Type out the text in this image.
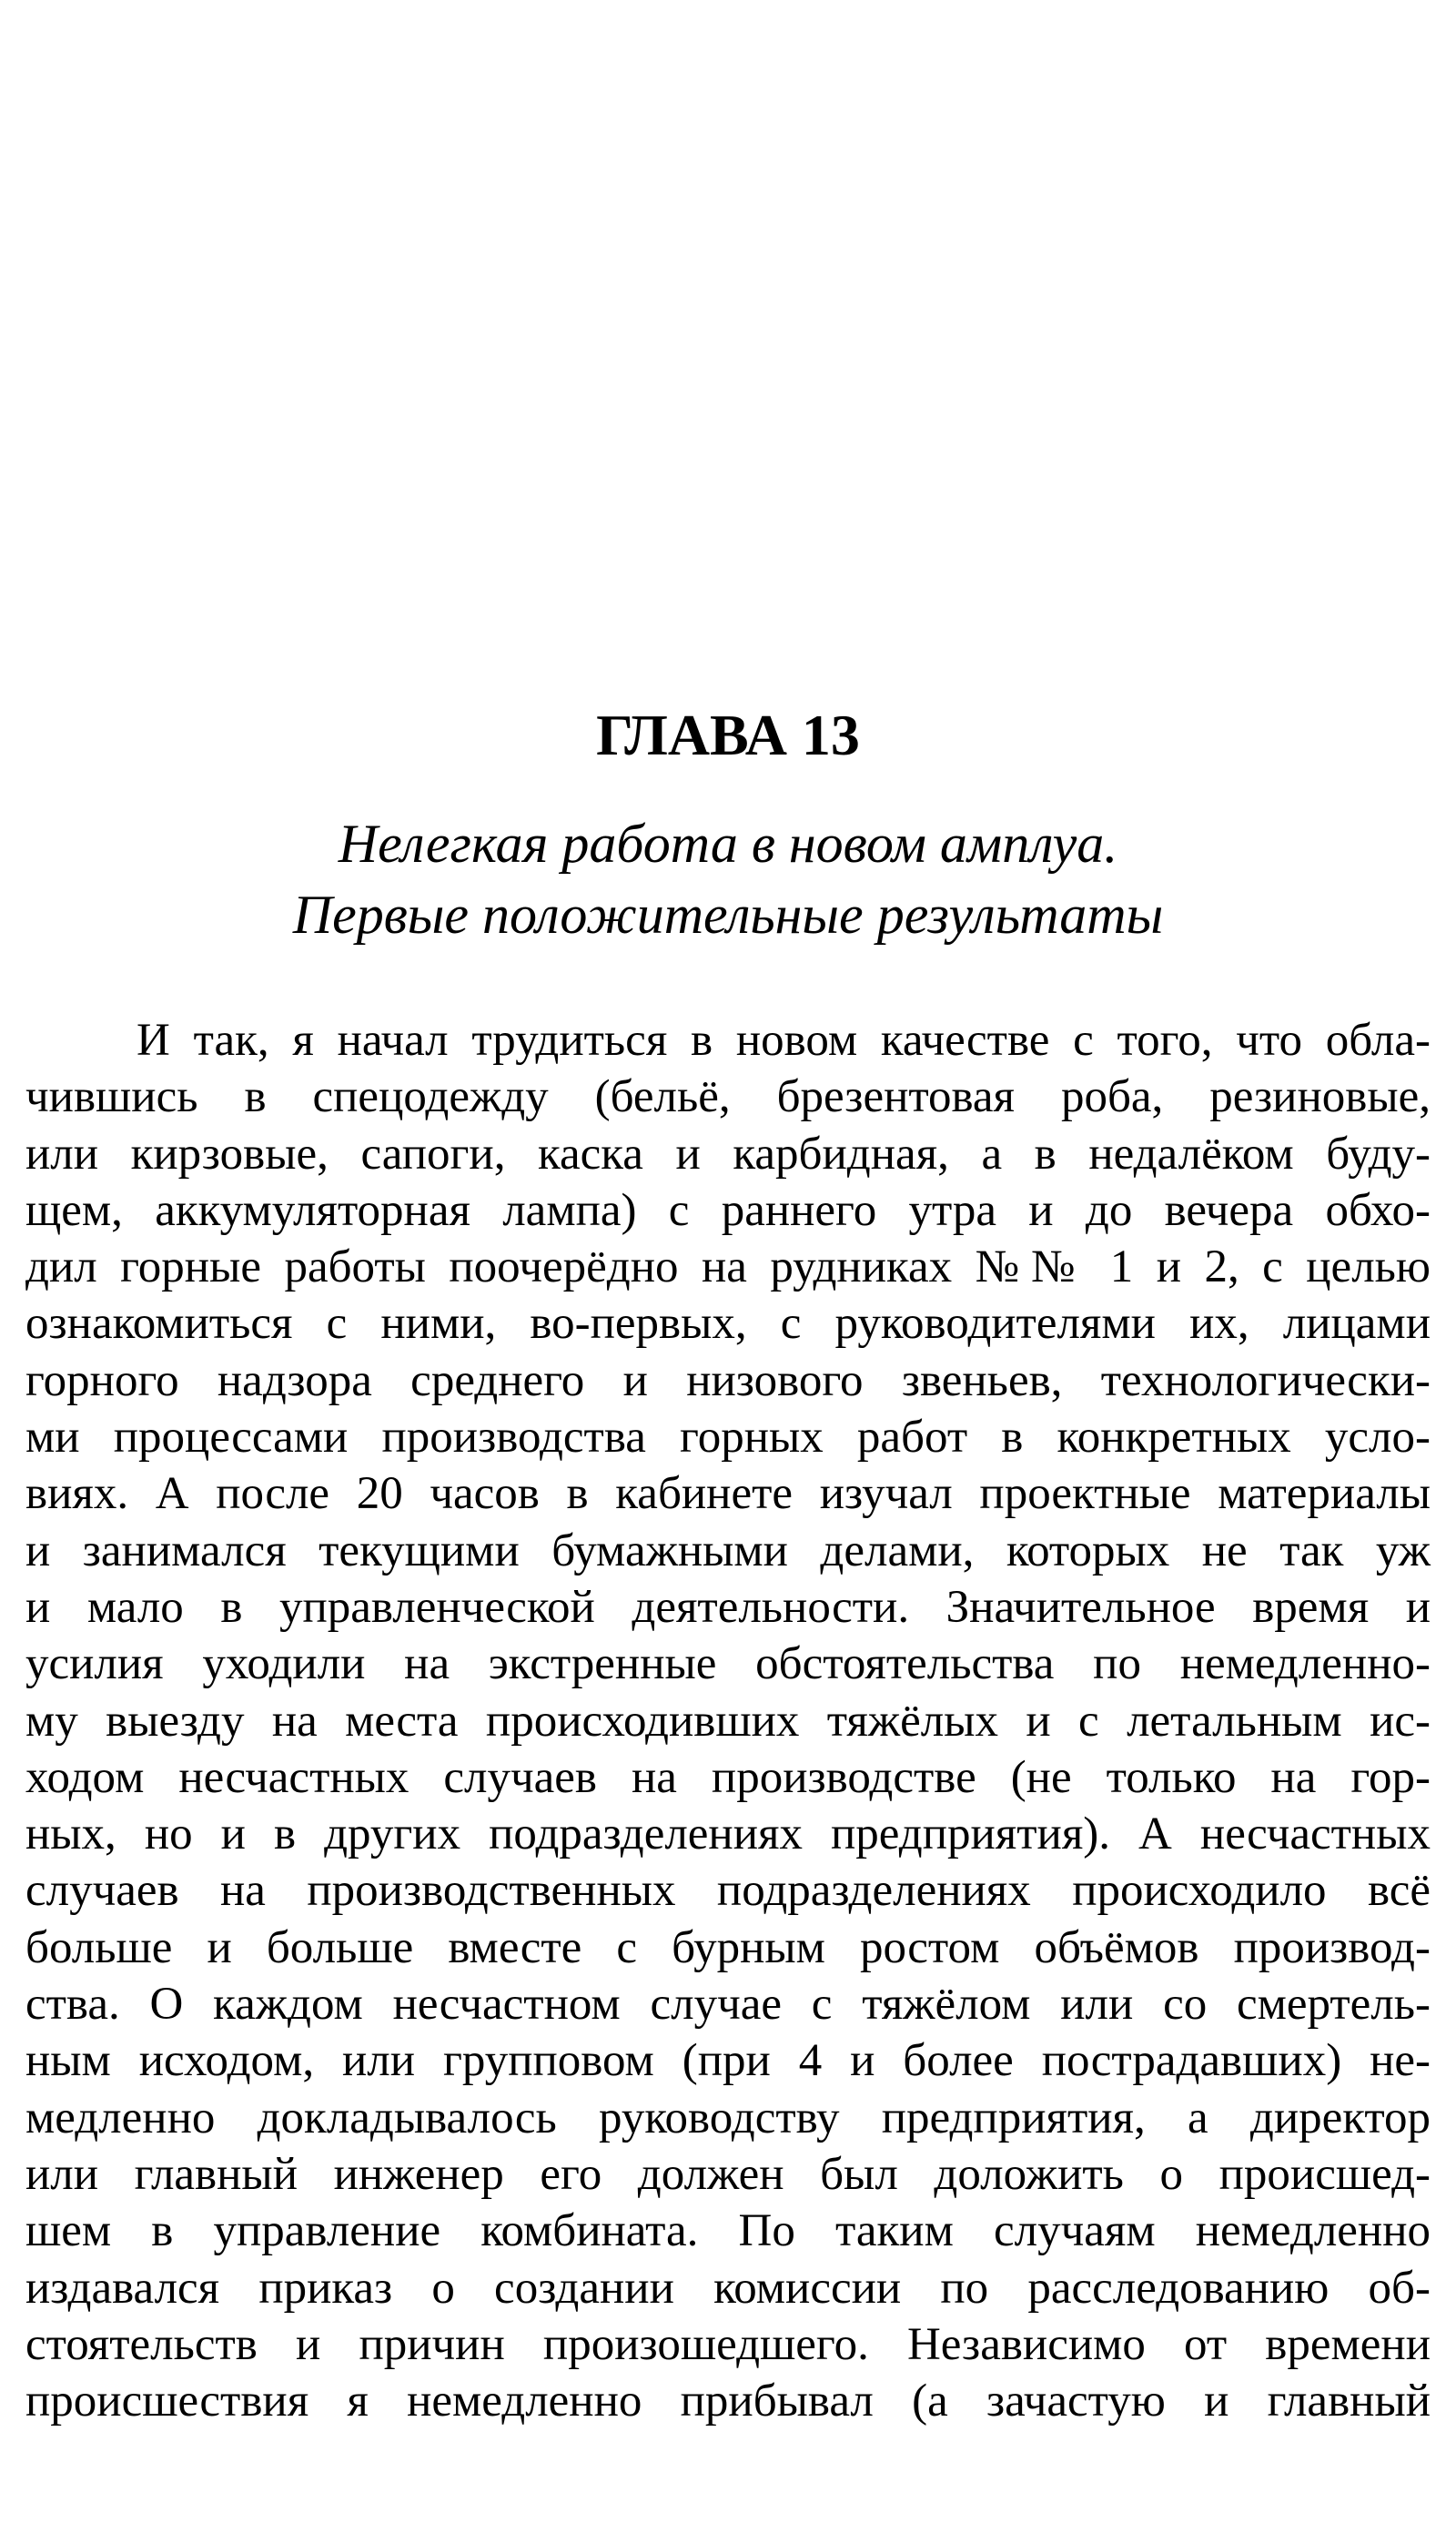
ГЛАВА 13
Нелегкая работа в новом амплуа.
Первые положительные результаты
И так, я начал трудиться в новом качестве с того, что обла-
чившись в спецодежду (бельё, брезентовая роба, резиновые,
или кирзовые, сапоги, каска и карбидная, а в недалёком буду-
щем, аккумуляторная лампа) с раннего утра и до вечера обхо-
дил горные работы поочерёдно на рудниках №№ 1 и 2, с целью
ознакомиться с ними, во-первых, с руководителями их, лицами
горного надзора среднего и низового звеньев, технологически-
ми процессами производства горных работ в конкретных усло-
виях. А после 20 часов в кабинете изучал проектные материалы
и занимался текущими бумажными делами, которых не так уж
и мало в управленческой деятельности. Значительное время и
усилия уходили на экстренные обстоятельства по немедленно-
му выезду на места происходивших тяжёлых и с летальным ис-
ходом несчастных случаев на производстве (не только на гор-
ных, но и в других подразделениях предприятия). А несчастных
случаев на производственных подразделениях происходило всё
больше и больше вместе с бурным ростом объёмов производ-
ства. О каждом несчастном случае с тяжёлом или со смертель-
ным исходом, или групповом (при 4 и более пострадавших) не-
медленно докладывалось руководству предприятия, а директор
или главный инженер его должен был доложить о происшед-
шем в управление комбината. По таким случаям немедленно
издавался приказ о создании комиссии по расследованию об-
стоятельств и причин произошедшего. Независимо от времени
происшествия я немедленно прибывал (а зачастую и главный
